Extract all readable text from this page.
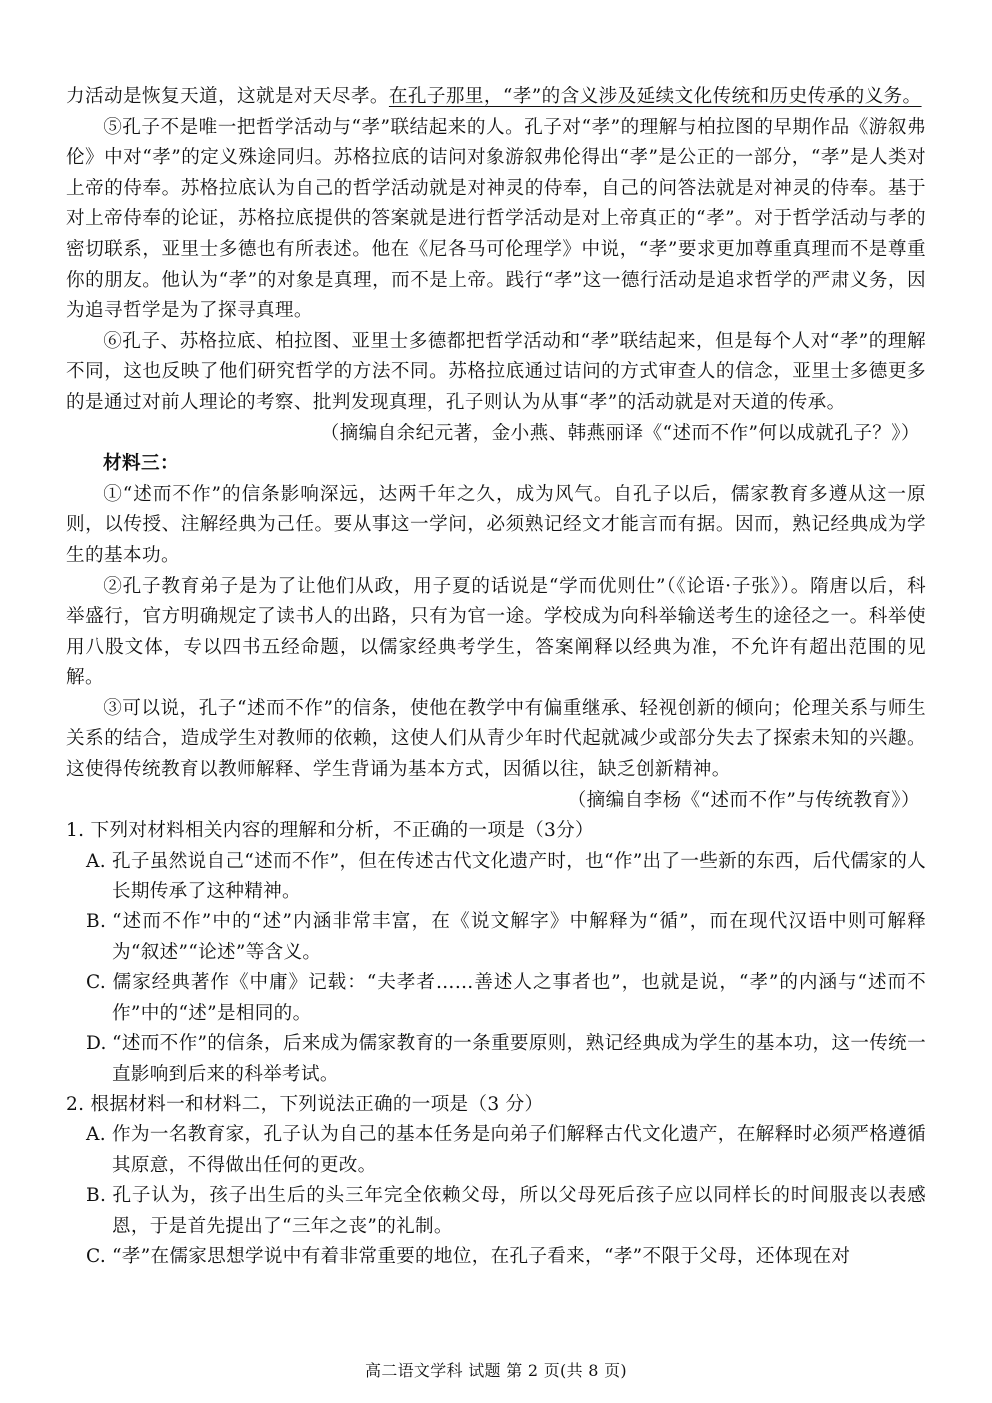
力活动是恢复天道，这就是对天尽孝。在孔子那里，“孝”的含义涉及延续文化传统和历史传承的义务。

⑤孔子不是唯一把哲学活动与“孝”联结起来的人。孔子对“孝”的理解与柏拉图的早期作品《游叙弗伦》中对“孝”的定义殊途同归。苏格拉底的诘问对象游叙弗伦得出“孝”是公正的一部分，“孝”是人类对上帝的侍奉。苏格拉底认为自己的哲学活动就是对神灵的侍奉，自己的问答法就是对神灵的侍奉。基于对上帝侍奉的论证，苏格拉底提供的答案就是进行哲学活动是对上帝真正的“孝”。对于哲学活动与孝的密切联系，亚里士多德也有所表述。他在《尼各马可伦理学》中说，“孝”要求更加尊重真理而不是尊重你的朋友。他认为“孝”的对象是真理，而不是上帝。践行“孝”这一德行活动是追求哲学的严肃义务，因为追寻哲学是为了探寻真理。

⑥孔子、苏格拉底、柏拉图、亚里士多德都把哲学活动和“孝”联结起来，但是每个人对“孝”的理解不同，这也反映了他们研究哲学的方法不同。苏格拉底通过诘问的方式审查人的信念，亚里士多德更多的是通过对前人理论的考察、批判发现真理，孔子则认为从事“孝”的活动就是对天道的传承。

（摘编自余纪元著，金小燕、韩燕丽译《“述而不作”何以成就孔子？》）

材料三：

①“述而不作”的信条影响深远，达两千年之久，成为风气。自孔子以后，儒家教育多遵从这一原则，以传授、注解经典为己任。要从事这一学问，必须熟记经文才能言而有据。因而，熟记经典成为学生的基本功。

②孔子教育弟子是为了让他们从政，用子夏的话说是“学而优则仕”（《论语·子张》）。隋唐以后，科举盛行，官方明确规定了读书人的出路，只有为官一途。学校成为向科举输送考生的途径之一。科举使用八股文体，专以四书五经命题，以儒家经典考学生，答案阐释以经典为准，不允许有超出范围的见解。

③可以说，孔子“述而不作”的信条，使他在教学中有偏重继承、轻视创新的倾向；伦理关系与师生关系的结合，造成学生对教师的依赖，这使人们从青少年时代起就减少或部分失去了探索未知的兴趣。这使得传统教育以教师解释、学生背诵为基本方式，因循以往，缺乏创新精神。

（摘编自李杨《“述而不作”与传统教育》）

1. 下列对材料相关内容的理解和分析，不正确的一项是（3分）

A. 孔子虽然说自己“述而不作”，但在传述古代文化遗产时，也“作”出了一些新的东西，后代儒家的人长期传承了这种精神。

B. “述而不作”中的“述”内涵非常丰富，在《说文解字》中解释为“循”，而在现代汉语中则可解释为“叙述”“论述”等含义。

C. 儒家经典著作《中庸》记载：“夫孝者……善述人之事者也”，也就是说，“孝”的内涵与“述而不作”中的“述”是相同的。

D. “述而不作”的信条，后来成为儒家教育的一条重要原则，熟记经典成为学生的基本功，这一传统一直影响到后来的科举考试。

2. 根据材料一和材料二，下列说法正确的一项是（3 分）

A. 作为一名教育家，孔子认为自己的基本任务是向弟子们解释古代文化遗产，在解释时必须严格遵循其原意，不得做出任何的更改。

B. 孔子认为，孩子出生后的头三年完全依赖父母，所以父母死后孩子应以同样长的时间服丧以表感恩，于是首先提出了“三年之丧”的礼制。

C. “孝”在儒家思想学说中有着非常重要的地位，在孔子看来，“孝”不限于父母，还体现在对

高二语文学科 试题 第 2 页(共 8 页)
